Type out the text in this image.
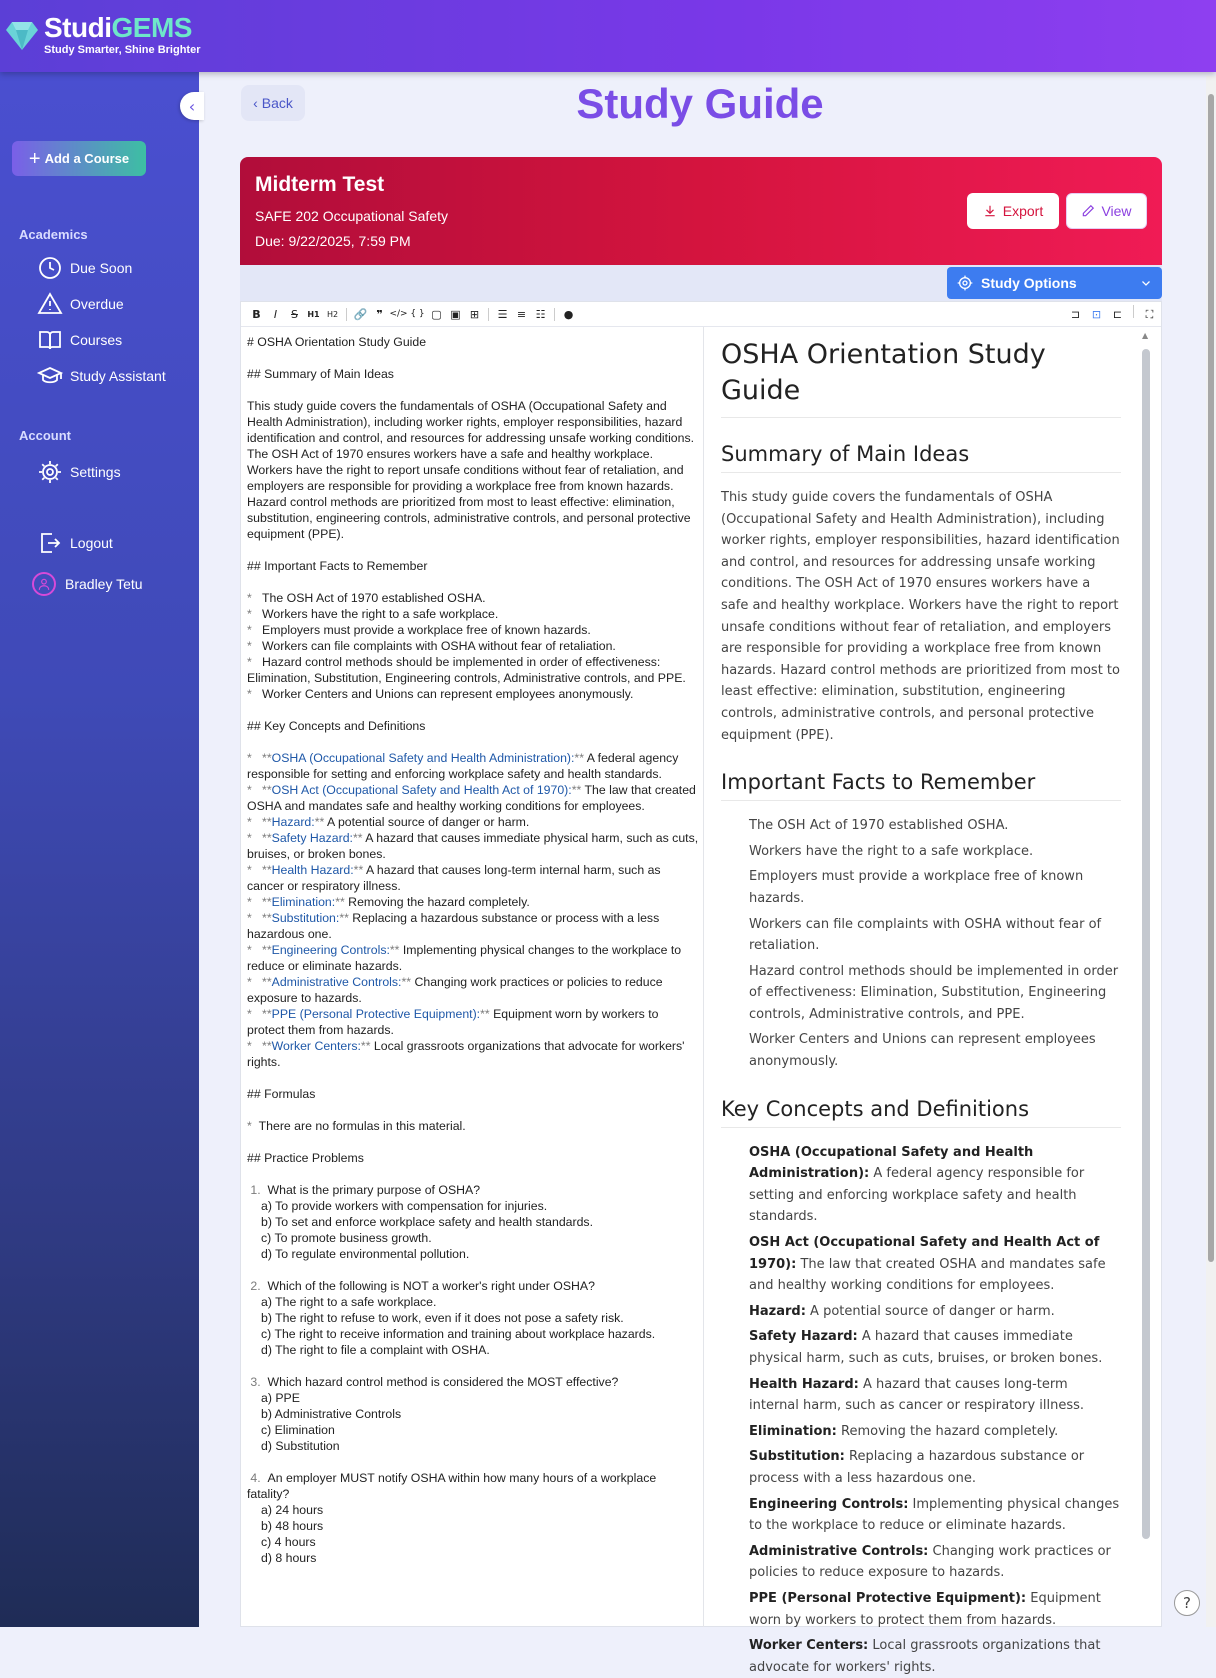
StudiGEMS
Study Smarter, Shine Brighter
‹
+ Add a Course
Academics
Due Soon
Overdue
Courses
Study Assistant
Account
Settings
Logout
Bradley Tetu
‹ Back	Study Guide
Midterm Test
SAFE 202 Occupational Safety
Due: 9/22/2025, 7:59 PM
Export	View
Study Options
B I S	H1 H2	🔗 ❞ </> { } ▢ ▣ ⊞	☰ ≡ ☷	●	⊐	⊡	⊏	⛶

# OSHA Orientation Study Guide

## Summary of Main Ideas

This study guide covers the fundamentals of OSHA (Occupational Safety and Health Administration), including worker rights, employer responsibilities, hazard identification and control, and resources for addressing unsafe working conditions. The OSH Act of 1970 ensures workers have a safe and healthy workplace. Workers have the right to report unsafe conditions without fear of retaliation, and employers are responsible for providing a workplace free from known hazards. Hazard control methods are prioritized from most to least effective: elimination, substitution, engineering controls, administrative controls, and personal protective equipment (PPE).

## Important Facts to Remember

*   The OSH Act of 1970 established OSHA.

*   Workers have the right to a safe workplace.

*   Employers must provide a workplace free of known hazards.

*   Workers can file complaints with OSHA without fear of retaliation.

*   Hazard control methods should be implemented in order of effectiveness: Elimination, Substitution, Engineering controls, Administrative controls, and PPE.

*   Worker Centers and Unions can represent employees anonymously.

## Key Concepts and Definitions

*   **OSHA (Occupational Safety and Health Administration):** A federal agency responsible for setting and enforcing workplace safety and health standards.

*   **OSH Act (Occupational Safety and Health Act of 1970):** The law that created OSHA and mandates safe and healthy working conditions for employees.

*   **Hazard:** A potential source of danger or harm.

*   **Safety Hazard:** A hazard that causes immediate physical harm, such as cuts, bruises, or broken bones.

*   **Health Hazard:** A hazard that causes long-term internal harm, such as cancer or respiratory illness.

*   **Elimination:** Removing the hazard completely.

*   **Substitution:** Replacing a hazardous substance or process with a less hazardous one.

*   **Engineering Controls:** Implementing physical changes to the workplace to reduce or eliminate hazards.

*   **Administrative Controls:** Changing work practices or policies to reduce exposure to hazards.

*   **PPE (Personal Protective Equipment):** Equipment worn by workers to protect them from hazards.

*   **Worker Centers:** Local grassroots organizations that advocate for workers' rights.

## Formulas

*  There are no formulas in this material.

## Practice Problems

1.  What is the primary purpose of OSHA?

a) To provide workers with compensation for injuries.

b) To set and enforce workplace safety and health standards.

c) To promote business growth.

d) To regulate environmental pollution.

2.  Which of the following is NOT a worker's right under OSHA?

a) The right to a safe workplace.

b) The right to refuse to work, even if it does not pose a safety risk.

c) The right to receive information and training about workplace hazards.

d) The right to file a complaint with OSHA.

3.  Which hazard control method is considered the MOST effective?

a) PPE

b) Administrative Controls

c) Elimination

d) Substitution

4.  An employer MUST notify OSHA within how many hours of a workplace fatality?

a) 24 hours

b) 48 hours

c) 4 hours

d) 8 hours

OSHA Orientation Study Guide
Summary of Main Ideas
This study guide covers the fundamentals of OSHA (Occupational Safety and Health Administration), including worker rights, employer responsibilities, hazard identification and control, and resources for addressing unsafe working conditions. The OSH Act of 1970 ensures workers have a safe and healthy workplace. Workers have the right to report unsafe conditions without fear of retaliation, and employers are responsible for providing a workplace free from known hazards. Hazard control methods are prioritized from most to least effective: elimination, substitution, engineering controls, administrative controls, and personal protective equipment (PPE).
Important Facts to Remember
The OSH Act of 1970 established OSHA.
Workers have the right to a safe workplace.
Employers must provide a workplace free of known hazards.
Workers can file complaints with OSHA without fear of retaliation.
Hazard control methods should be implemented in order of effectiveness: Elimination, Substitution, Engineering controls, Administrative controls, and PPE.
Worker Centers and Unions can represent employees anonymously.
Key Concepts and Definitions
OSHA (Occupational Safety and Health Administration): A federal agency responsible for setting and enforcing workplace safety and health standards.
OSH Act (Occupational Safety and Health Act of 1970): The law that created OSHA and mandates safe and healthy working conditions for employees.
Hazard: A potential source of danger or harm.
Safety Hazard: A hazard that causes immediate physical harm, such as cuts, bruises, or broken bones.
Health Hazard: A hazard that causes long-term internal harm, such as cancer or respiratory illness.
Elimination: Removing the hazard completely.
Substitution: Replacing a hazardous substance or process with a less hazardous one.
Engineering Controls: Implementing physical changes to the workplace to reduce or eliminate hazards.
Administrative Controls: Changing work practices or policies to reduce exposure to hazards.
PPE (Personal Protective Equipment): Equipment worn by workers to protect them from hazards.
Worker Centers: Local grassroots organizations that advocate for workers' rights.
▲
?
